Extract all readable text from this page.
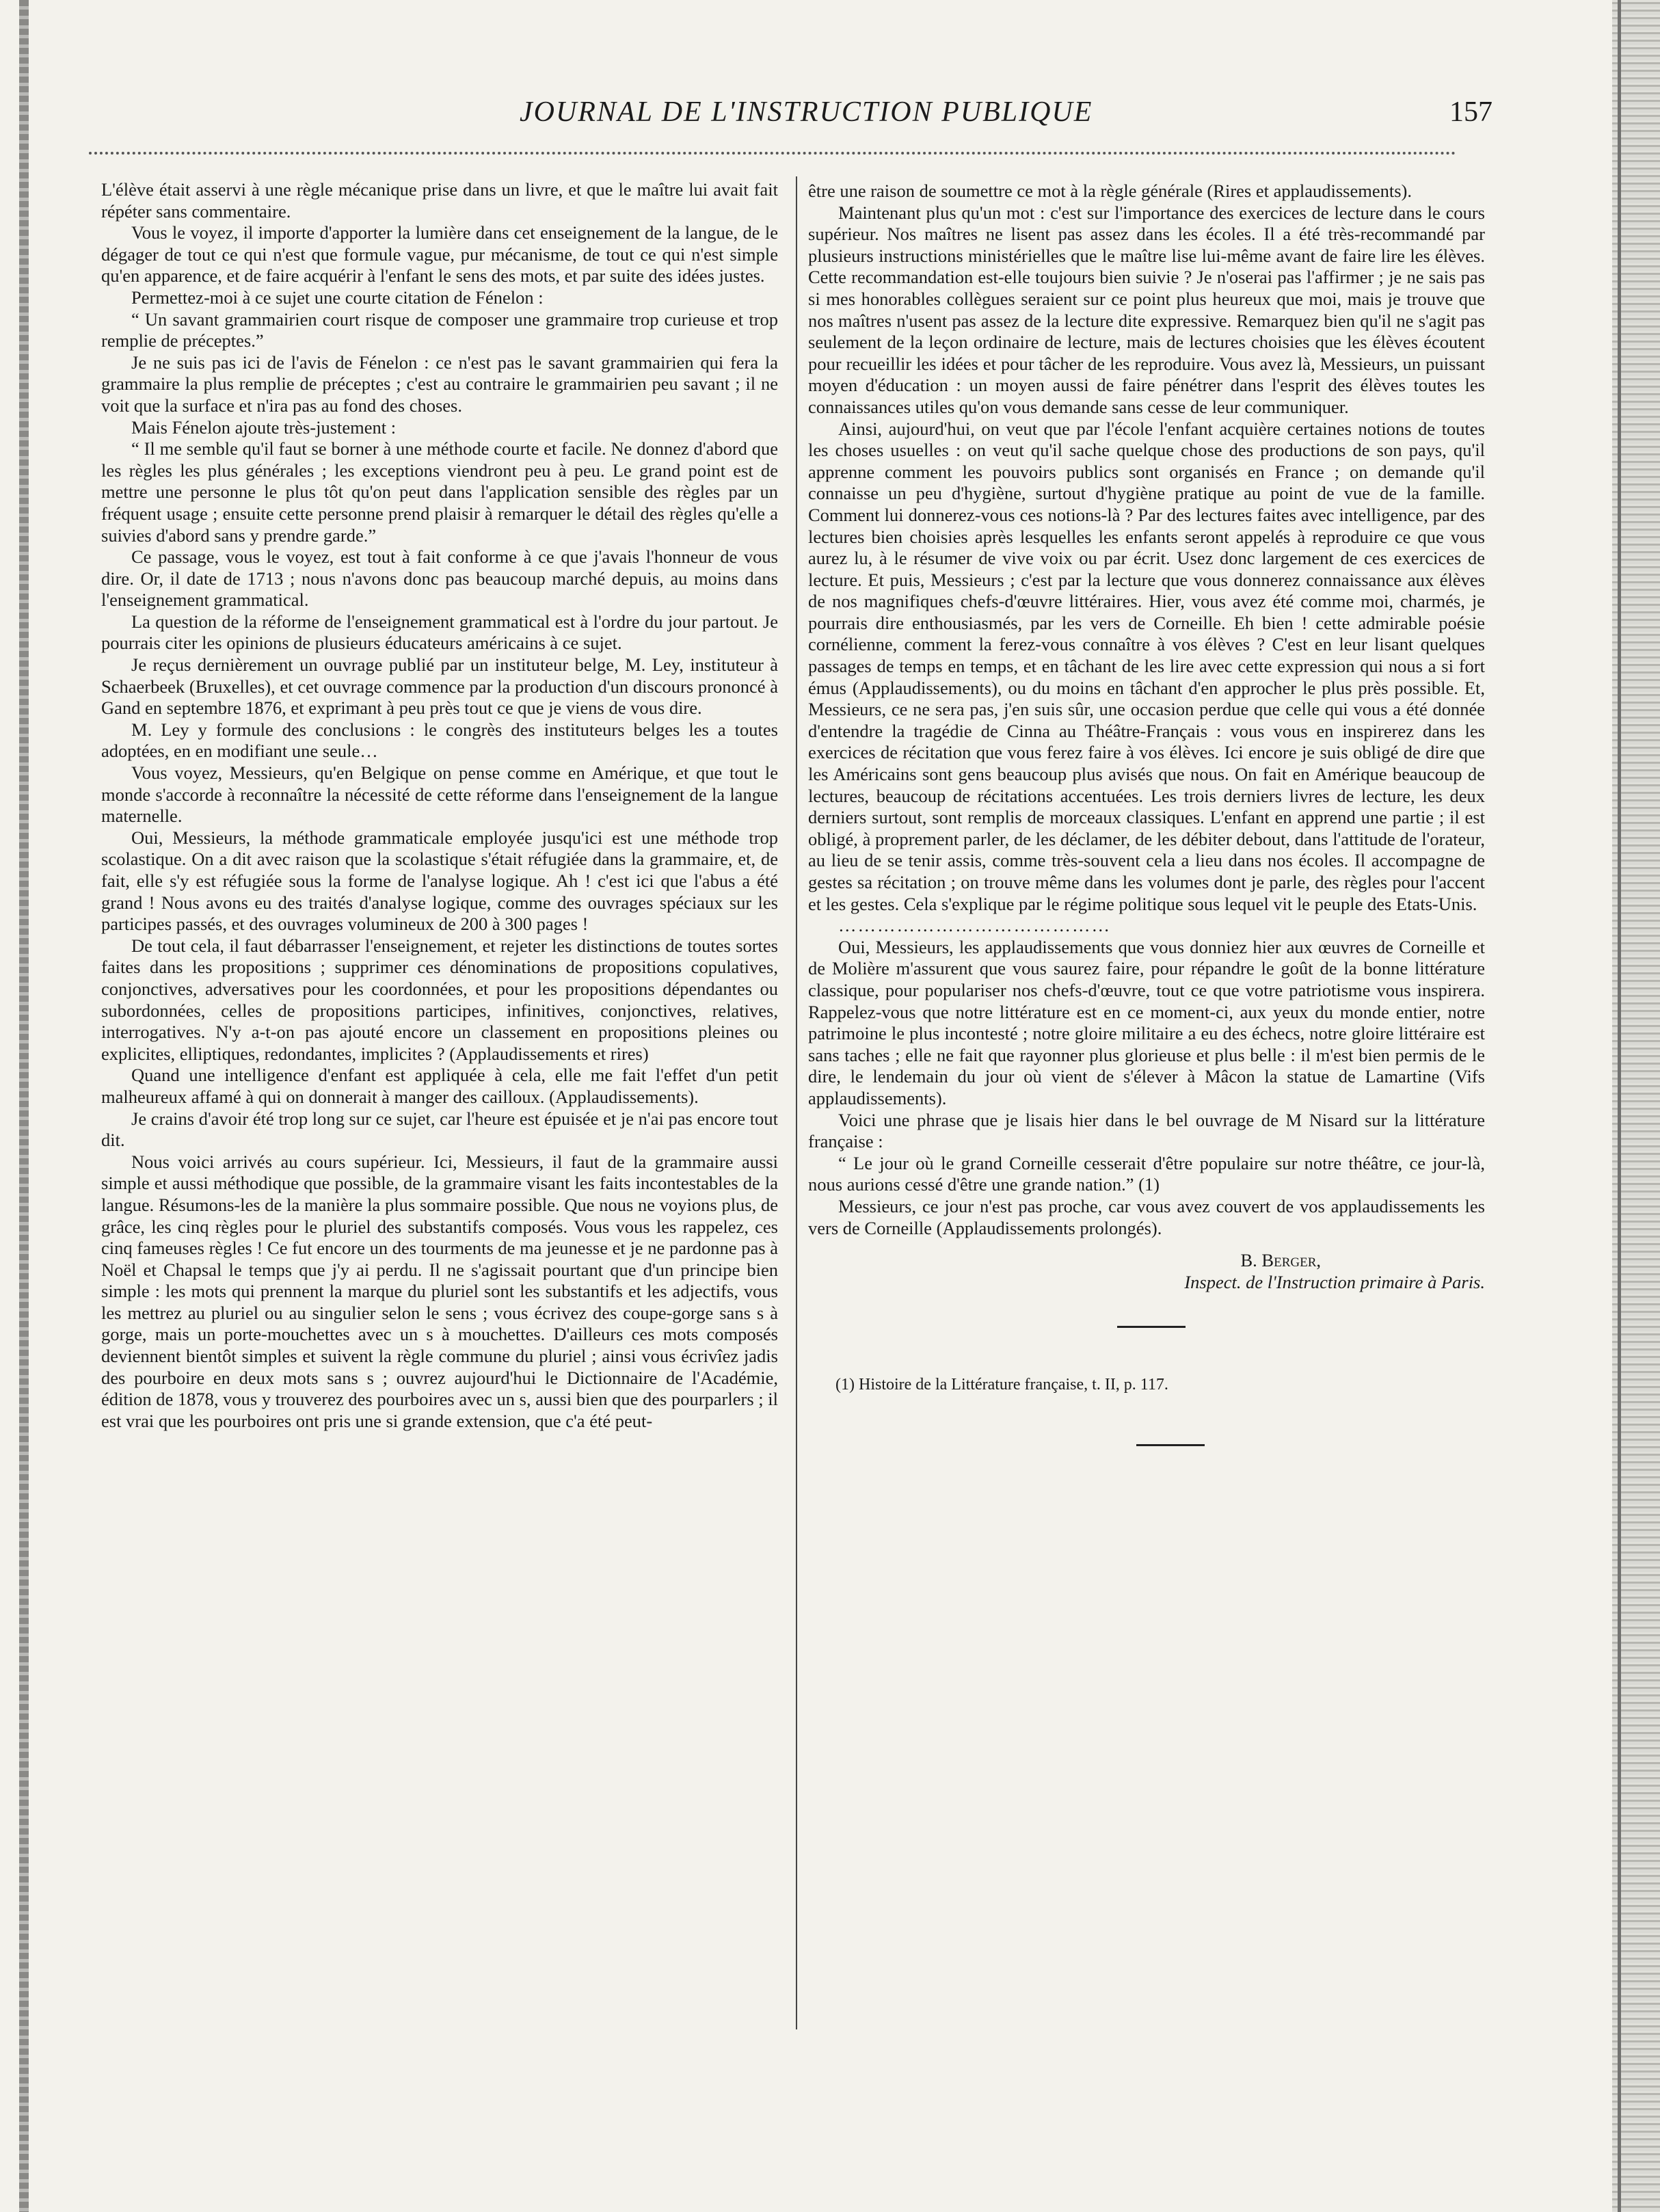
JOURNAL DE L'INSTRUCTION PUBLIQUE	157

L'élève était asservi à une règle mécanique prise dans un livre, et que le maître lui avait fait répéter sans commentaire.

Vous le voyez, il importe d'apporter la lumière dans cet enseignement de la langue, de le dégager de tout ce qui n'est que formule vague, pur mécanisme, de tout ce qui n'est simple qu'en apparence, et de faire acquérir à l'enfant le sens des mots, et par suite des idées justes.

Permettez-moi à ce sujet une courte citation de Fénelon :

“ Un savant grammairien court risque de composer une grammaire trop curieuse et trop remplie de préceptes.”

Je ne suis pas ici de l'avis de Fénelon : ce n'est pas le savant grammairien qui fera la grammaire la plus remplie de préceptes ; c'est au contraire le grammairien peu savant ; il ne voit que la surface et n'ira pas au fond des choses.

Mais Fénelon ajoute très-justement :

“ Il me semble qu'il faut se borner à une méthode courte et facile. Ne donnez d'abord que les règles les plus générales ; les exceptions viendront peu à peu. Le grand point est de mettre une personne le plus tôt qu'on peut dans l'application sensible des règles par un fréquent usage ; ensuite cette personne prend plaisir à remarquer le détail des règles qu'elle a suivies d'abord sans y prendre garde.”

Ce passage, vous le voyez, est tout à fait conforme à ce que j'avais l'honneur de vous dire. Or, il date de 1713 ; nous n'avons donc pas beaucoup marché depuis, au moins dans l'enseignement grammatical.

La question de la réforme de l'enseignement grammatical est à l'ordre du jour partout. Je pourrais citer les opinions de plusieurs éducateurs américains à ce sujet.

Je reçus dernièrement un ouvrage publié par un instituteur belge, M. Ley, instituteur à Schaerbeek (Bruxelles), et cet ouvrage commence par la production d'un discours prononcé à Gand en septembre 1876, et exprimant à peu près tout ce que je viens de vous dire.

M. Ley y formule des conclusions : le congrès des instituteurs belges les a toutes adoptées, en en modifiant une seule…

Vous voyez, Messieurs, qu'en Belgique on pense comme en Amérique, et que tout le monde s'accorde à reconnaître la nécessité de cette réforme dans l'enseignement de la langue maternelle.

Oui, Messieurs, la méthode grammaticale employée jusqu'ici est une méthode trop scolastique. On a dit avec raison que la scolastique s'était réfugiée dans la grammaire, et, de fait, elle s'y est réfugiée sous la forme de l'analyse logique. Ah ! c'est ici que l'abus a été grand ! Nous avons eu des traités d'analyse logique, comme des ouvrages spéciaux sur les participes passés, et des ouvrages volumineux de 200 à 300 pages !

De tout cela, il faut débarrasser l'enseignement, et rejeter les distinctions de toutes sortes faites dans les propositions ; supprimer ces dénominations de propositions copulatives, conjonctives, adversatives pour les coordonnées, et pour les propositions dépendantes ou subordonnées, celles de propositions participes, infinitives, conjonctives, relatives, interrogatives. N'y a-t-on pas ajouté encore un classement en propositions pleines ou explicites, elliptiques, redondantes, implicites ? (Applaudissements et rires)

Quand une intelligence d'enfant est appliquée à cela, elle me fait l'effet d'un petit malheureux affamé à qui on donnerait à manger des cailloux. (Applaudissements).

Je crains d'avoir été trop long sur ce sujet, car l'heure est épuisée et je n'ai pas encore tout dit.

Nous voici arrivés au cours supérieur. Ici, Messieurs, il faut de la grammaire aussi simple et aussi méthodique que possible, de la grammaire visant les faits incontestables de la langue. Résumons-les de la manière la plus sommaire possible. Que nous ne voyions plus, de grâce, les cinq règles pour le pluriel des substantifs composés. Vous vous les rappelez, ces cinq fameuses règles ! Ce fut encore un des tourments de ma jeunesse et je ne pardonne pas à Noël et Chapsal le temps que j'y ai perdu. Il ne s'agissait pourtant que d'un principe bien simple : les mots qui prennent la marque du pluriel sont les substantifs et les adjectifs, vous les mettrez au pluriel ou au singulier selon le sens ; vous écrivez des coupe-gorge sans s à gorge, mais un porte-mouchettes avec un s à mouchettes. D'ailleurs ces mots composés deviennent bientôt simples et suivent la règle commune du pluriel ; ainsi vous écrivîez jadis des pourboire en deux mots sans s ; ouvrez aujourd'hui le Dictionnaire de l'Académie, édition de 1878, vous y trouverez des pourboires avec un s, aussi bien que des pourparlers ; il est vrai que les pourboires ont pris une si grande extension, que c'a été peut-

être une raison de soumettre ce mot à la règle générale (Rires et applaudissements).

Maintenant plus qu'un mot : c'est sur l'importance des exercices de lecture dans le cours supérieur. Nos maîtres ne lisent pas assez dans les écoles. Il a été très-recommandé par plusieurs instructions ministérielles que le maître lise lui-même avant de faire lire les élèves. Cette recommandation est-elle toujours bien suivie ? Je n'oserai pas l'affirmer ; je ne sais pas si mes honorables collègues seraient sur ce point plus heureux que moi, mais je trouve que nos maîtres n'usent pas assez de la lecture dite expressive. Remarquez bien qu'il ne s'agit pas seulement de la leçon ordinaire de lecture, mais de lectures choisies que les élèves écoutent pour recueillir les idées et pour tâcher de les reproduire. Vous avez là, Messieurs, un puissant moyen d'éducation : un moyen aussi de faire pénétrer dans l'esprit des élèves toutes les connaissances utiles qu'on vous demande sans cesse de leur communiquer.

Ainsi, aujourd'hui, on veut que par l'école l'enfant acquière certaines notions de toutes les choses usuelles : on veut qu'il sache quelque chose des productions de son pays, qu'il apprenne comment les pouvoirs publics sont organisés en France ; on demande qu'il connaisse un peu d'hygiène, surtout d'hygiène pratique au point de vue de la famille. Comment lui donnerez-vous ces notions-là ? Par des lectures faites avec intelligence, par des lectures bien choisies après lesquelles les enfants seront appelés à reproduire ce que vous aurez lu, à le résumer de vive voix ou par écrit. Usez donc largement de ces exercices de lecture. Et puis, Messieurs ; c'est par la lecture que vous donnerez connaissance aux élèves de nos magnifiques chefs-d'œuvre littéraires. Hier, vous avez été comme moi, charmés, je pourrais dire enthousiasmés, par les vers de Corneille. Eh bien ! cette admirable poésie cornélienne, comment la ferez-vous connaître à vos élèves ? C'est en leur lisant quelques passages de temps en temps, et en tâchant de les lire avec cette expression qui nous a si fort émus (Applaudissements), ou du moins en tâchant d'en approcher le plus près possible. Et, Messieurs, ce ne sera pas, j'en suis sûr, une occasion perdue que celle qui vous a été donnée d'entendre la tragédie de Cinna au Théâtre-Français : vous vous en inspirerez dans les exercices de récitation que vous ferez faire à vos élèves. Ici encore je suis obligé de dire que les Américains sont gens beaucoup plus avisés que nous. On fait en Amérique beaucoup de lectures, beaucoup de récitations accentuées. Les trois derniers livres de lecture, les deux derniers surtout, sont remplis de morceaux classiques. L'enfant en apprend une partie ; il est obligé, à proprement parler, de les déclamer, de les débiter debout, dans l'attitude de l'orateur, au lieu de se tenir assis, comme très-souvent cela a lieu dans nos écoles. Il accompagne de gestes sa récitation ; on trouve même dans les volumes dont je parle, des règles pour l'accent et les gestes. Cela s'explique par le régime politique sous lequel vit le peuple des Etats-Unis.

……………………………………

Oui, Messieurs, les applaudissements que vous donniez hier aux œuvres de Corneille et de Molière m'assurent que vous saurez faire, pour répandre le goût de la bonne littérature classique, pour populariser nos chefs-d'œuvre, tout ce que votre patriotisme vous inspirera. Rappelez-vous que notre littérature est en ce moment-ci, aux yeux du monde entier, notre patrimoine le plus incontesté ; notre gloire militaire a eu des échecs, notre gloire littéraire est sans taches ; elle ne fait que rayonner plus glorieuse et plus belle : il m'est bien permis de le dire, le lendemain du jour où vient de s'élever à Mâcon la statue de Lamartine (Vifs applaudissements).

Voici une phrase que je lisais hier dans le bel ouvrage de M Nisard sur la littérature française :

“ Le jour où le grand Corneille cesserait d'être populaire sur notre théâtre, ce jour-là, nous aurions cessé d'être une grande nation.” (1)

Messieurs, ce jour n'est pas proche, car vous avez couvert de vos applaudissements les vers de Corneille (Applaudissements prolongés).

B. Berger,
Inspect. de l'Instruction primaire à Paris.
(1) Histoire de la Littérature française, t. II, p. 117.
